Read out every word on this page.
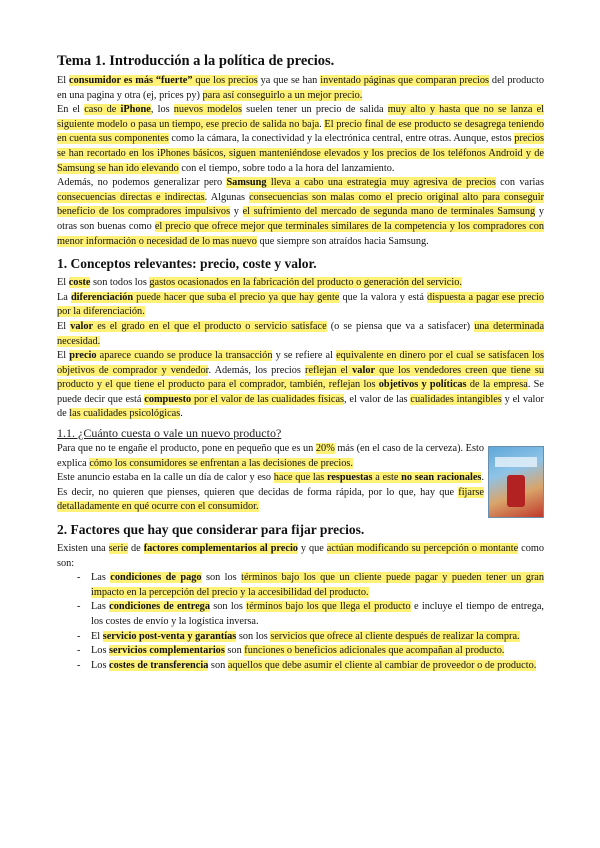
Tema 1. Introducción a la política de precios.

El consumidor es más “fuerte” que los precios ya que se han inventado páginas que comparan precios del producto en una pagina y otra (ej, prices py) para así conseguirlo a un mejor precio.

En el caso de iPhone, los nuevos modelos suelen tener un precio de salida muy alto y hasta que no se lanza el siguiente modelo o pasa un tiempo, ese precio de salida no baja. El precio final de ese producto se desagrega teniendo en cuenta sus componentes como la cámara, la conectividad y la electrónica central, entre otras. Aunque, estos precios se han recortado en los iPhones básicos, siguen manteniéndose elevados y los precios de los teléfonos Android y de Samsung se han ido elevando con el tiempo, sobre todo a la hora del lanzamiento.

Además, no podemos generalizar pero Samsung lleva a cabo una estrategia muy agresiva de precios con varias consecuencias directas e indirectas. Algunas consecuencias son malas como el precio original alto para conseguir beneficio de los compradores impulsivos y el sufrimiento del mercado de segunda mano de terminales Samsung y otras son buenas como el precio que ofrece mejor que terminales similares de la competencia y los compradores con menor información o necesidad de lo mas nuevo que siempre son atraídos hacia Samsung.

1. Conceptos relevantes: precio, coste y valor.

El coste son todos los gastos ocasionados en la fabricación del producto o generación del servicio.

La diferenciación puede hacer que suba el precio ya que hay gente que la valora y está dispuesta a pagar ese precio por la diferenciación.

El valor es el grado en el que el producto o servicio satisface (o se piensa que va a satisfacer) una determinada necesidad.

El precio aparece cuando se produce la transacción y se refiere al equivalente en dinero por el cual se satisfacen los objetivos de comprador y vendedor. Además, los precios reflejan el valor que los vendedores creen que tiene su producto y el que tiene el producto para el comprador, también, reflejan los objetivos y políticas de la empresa. Se puede decir que está compuesto por el valor de las cualidades físicas, el valor de las cualidades intangibles y el valor de las cualidades psicológicas.

1.1. ¿Cuánto cuesta o vale un nuevo producto?

Para que no te engañe el producto, pone en pequeño que es un 20% más (en el caso de la cerveza). Esto explica cómo los consumidores se enfrentan a las decisiones de precios.

Este anuncio estaba en la calle un día de calor y eso hace que las respuestas a este no sean racionales. Es decir, no quieren que pienses, quieren que decidas de forma rápida, por lo que, hay que fijarse detalladamente en qué ocurre con el consumidor.

2. Factores que hay que considerar para fijar precios.

Existen una serie de factores complementarios al precio y que actúan modificando su percepción o montante como son:

- Las condiciones de pago son los términos bajo los que un cliente puede pagar y pueden tener un gran impacto en la percepción del precio y la accesibilidad del producto.
- Las condiciones de entrega son los términos bajo los que llega el producto e incluye el tiempo de entrega, los costes de envío y la logística inversa.
- El servicio post-venta y garantías son los servicios que ofrece al cliente después de realizar la compra.
- Los servicios complementarios son funciones o beneficios adicionales que acompañan al producto.
- Los costes de transferencia son aquellos que debe asumir el cliente al cambiar de proveedor o de producto.
